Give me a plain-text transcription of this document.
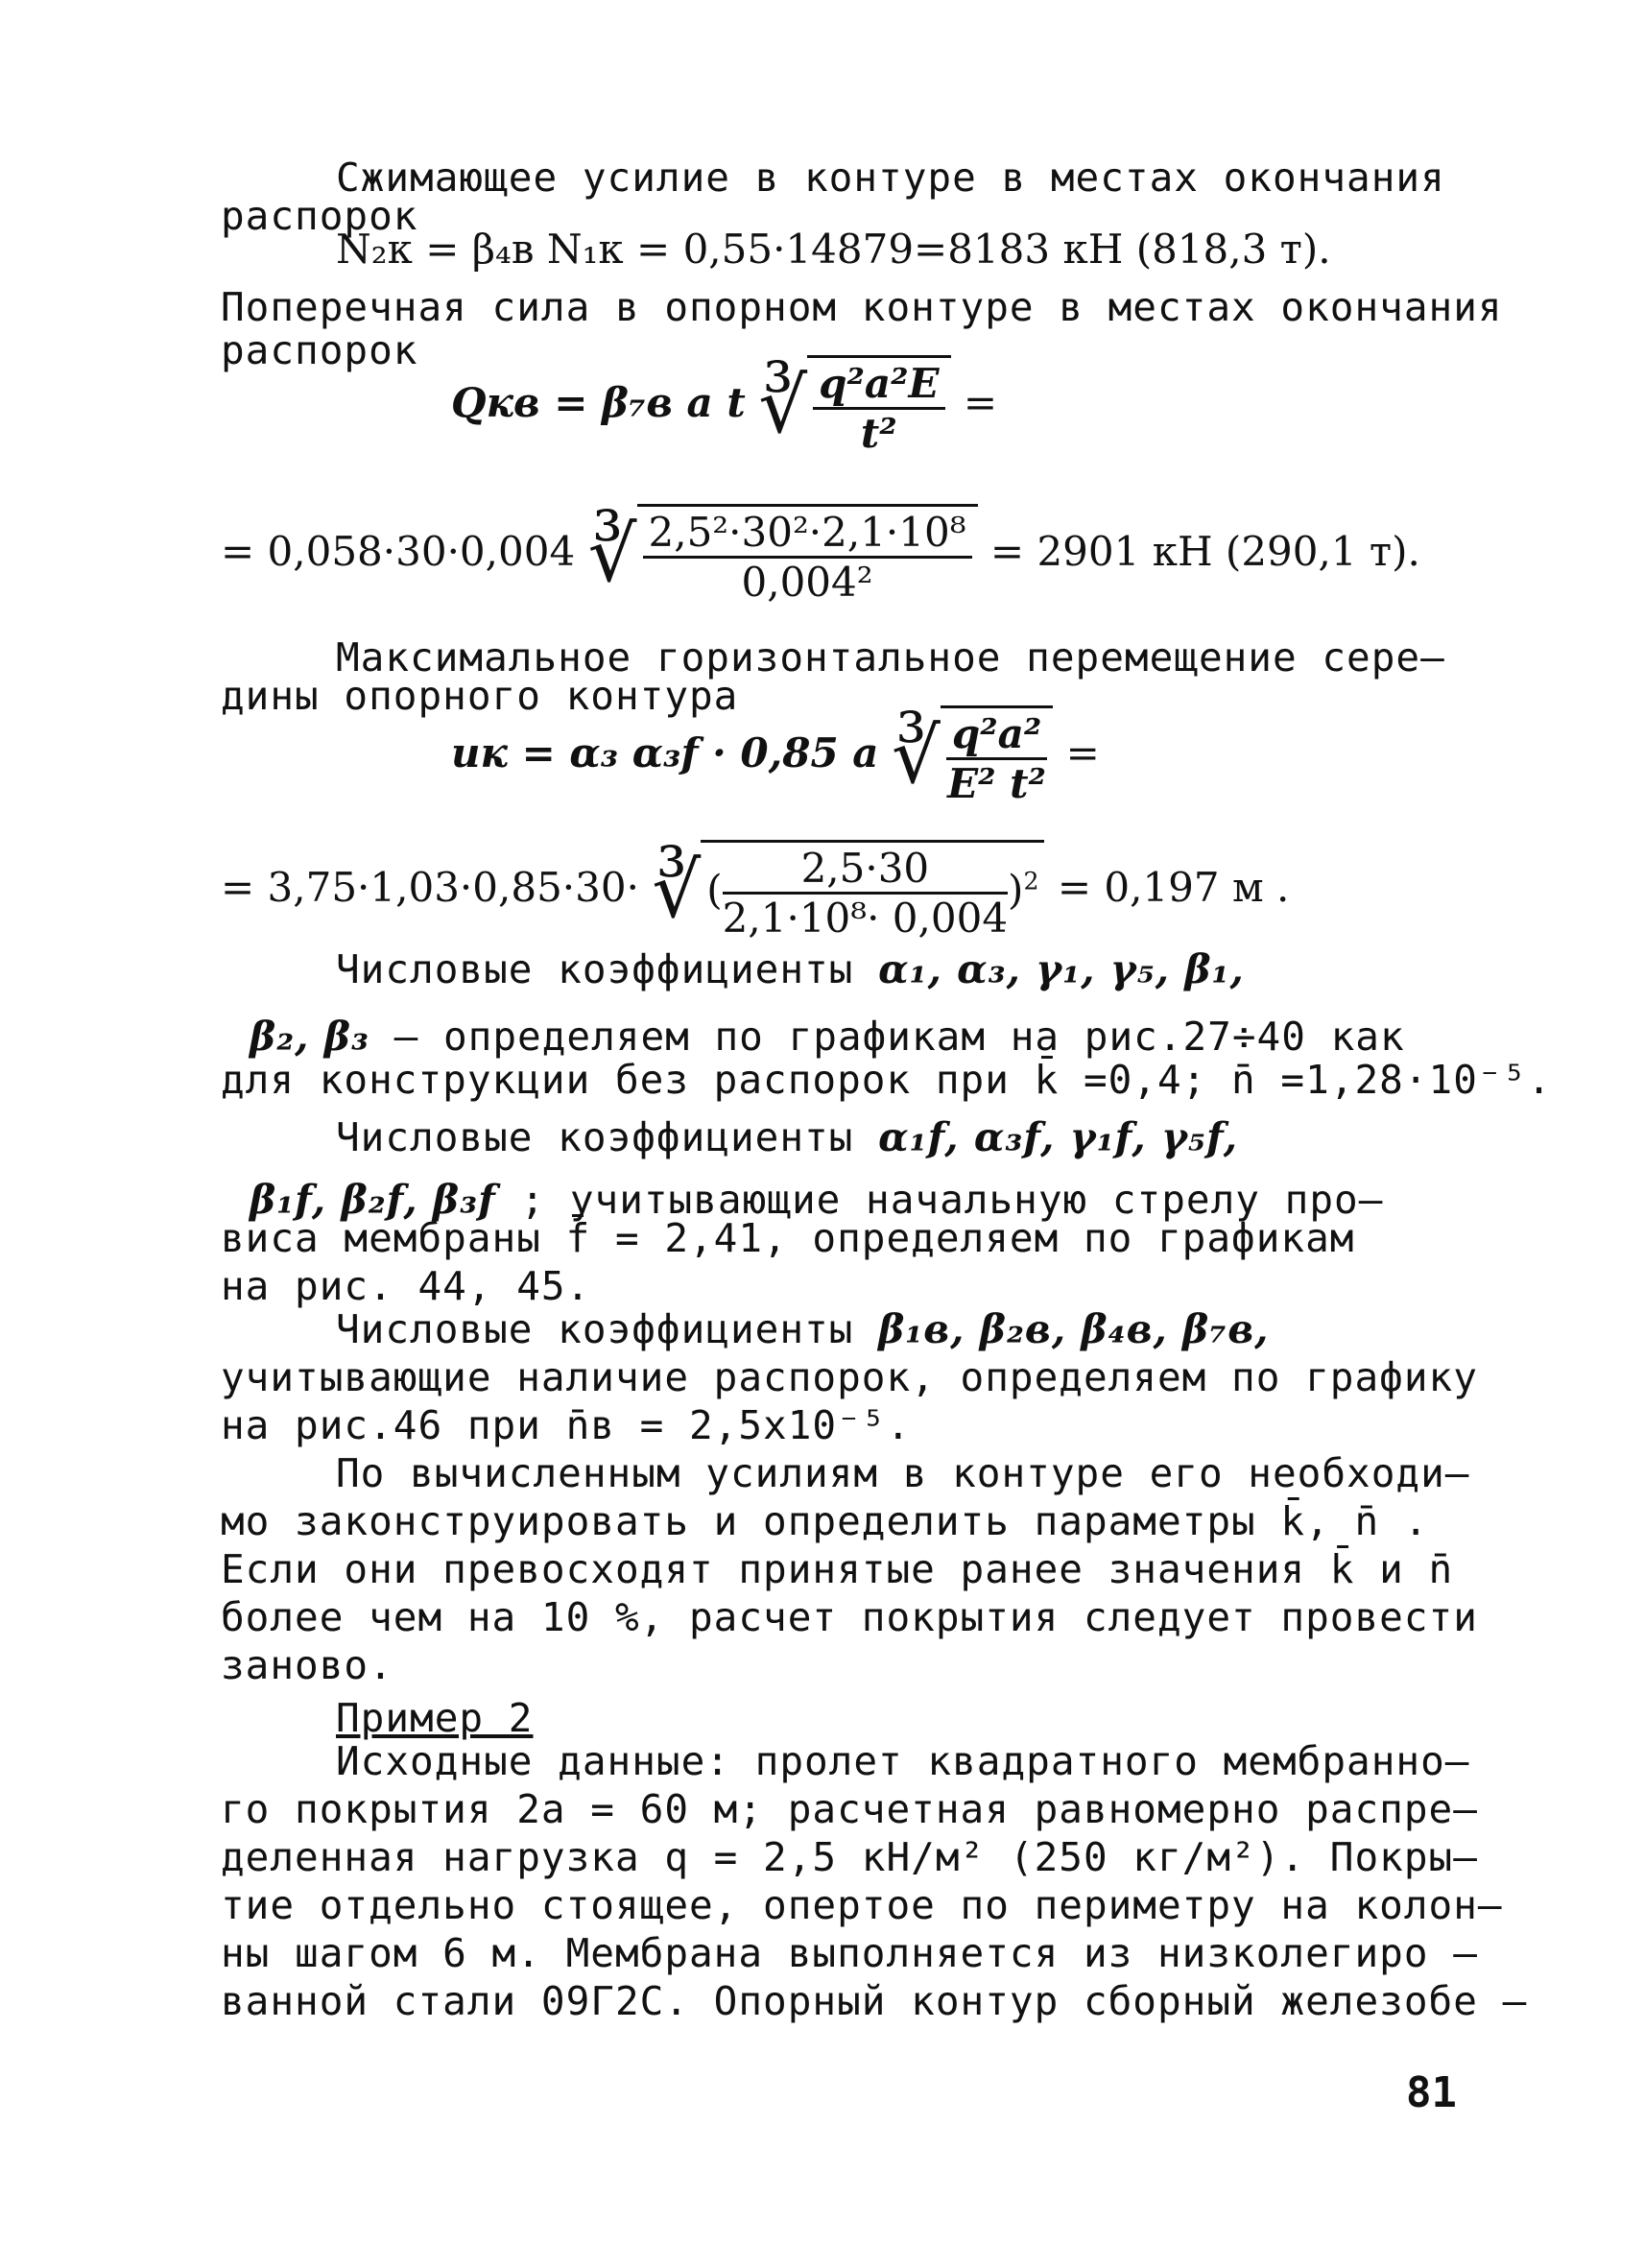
Сжимающее усилие в контуре в местах окончания
распорок
N₂к = β₄в N₁к = 0,55·14879=8183 кН (818,3 т).
Поперечная сила в опорном контуре в местах окончания
распорок
Qкв = β₇в a t ∛ $\frac{\text{q²a²E}}{\text{t²}}$ =
= 0,058·30·0,004 ∛ $\frac{\text{2,5²·30²·2,1·10⁸}}{\text{0,004²}} = 2901$ кН (290,1 т).
Максимальное горизонтальное перемещение сере–
дины опорного контура
uк = α₃ α₃f · 0,85 a ∛ $\frac{\text{q²a²}}{\text{E² t²}}$ =
= 3,75·1,03·0,85·30· ∛ ( $\frac{2,5\cdot 30}{\text{2,1·10⁸· 0,004}} )^2 = 0,197$ м .
Числовые коэффициенты α₁, α₃, γ₁, γ₅, β₁,
β₂, β₃ – определяем по графикам на рис.27÷40 как
для конструкции без распорок при k̄ =0,4; n̄ =1,28·10⁻⁵.
Числовые коэффициенты α₁f, α₃f, γ₁f, γ₅f,
β₁f, β₂f, β₃f ; учитывающие начальную стрелу про–
виса мембраны f̄ = 2,41, определяем по графикам
на рис. 44, 45.
Числовые коэффициенты β₁в, β₂в, β₄в, β₇в,
учитывающие наличие распорок, определяем по графику
на рис.46 при n̄в = 2,5x10⁻⁵.
По вычисленным усилиям в контуре его необходи–
мо законструировать и определить параметры k̄, n̄ .
Если они превосходят принятые ранее значения k̄ и n̄
более чем на 10 %, расчет покрытия следует провести
заново.
Пример 2
Исходные данные: пролет квадратного мембранно–
го покрытия 2a = 60 м; расчетная равномерно распре–
деленная нагрузка q = 2,5 кН/м² (250 кг/м²). Покры–
тие отдельно стоящее, опертое по периметру на колон–
ны шагом 6 м. Мембрана выполняется из низколегиро –
ванной стали 09Г2С. Опорный контур сборный железобе –
81
